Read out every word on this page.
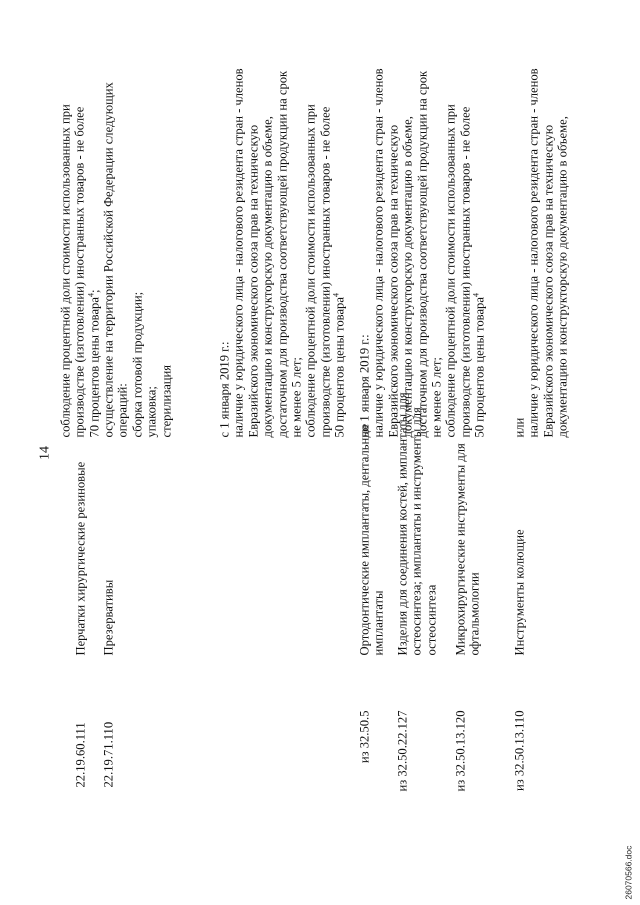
14
соблюдение процентной доли стоимости использованных при производстве (изготовлении) иностранных товаров - не более 70 процентов цены товара$^4$;
22.19.60.111
Перчатки хирургические резиновые
осуществление на территории Российской Федерации следующих операций: сборка готовой продукции; упаковка; стерилизация
22.19.71.110
Презервативы
с 1 января 2019 г.: наличие у юридического лица - налогового резидента стран - членов Евразийского экономического союза прав на техническую документацию и конструкторскую документацию в объеме, достаточном для производства соответствующей продукции на срок не менее 5 лет; соблюдение процентной доли стоимости использованных при производстве (изготовлении) иностранных товаров - не более 50 процентов цены товара$^4$
из 32.50.5
Ортодонтические имплантаты, дентальные имплантаты
до 1 января 2019 г.: наличие у юридического лица - налогового резидента стран - членов Евразийского экономического союза прав на техническую документацию и конструкторскую документацию в объеме, достаточном для производства соответствующей продукции на срок не менее 5 лет; соблюдение процентной доли стоимости использованных при производстве (изготовлении) иностранных товаров - не более 50 процентов цены товара$^4$
из 32.50.22.127
Изделия для соединения костей, имплантаты для остеосинтеза; имплантаты и инструменты для остеосинтеза
из 32.50.13.120
Микрохирургические инструменты для офтальмологии
из 32.50.13.110
Инструменты колющие
или наличие у юридического лица - налогового резидента стран - членов Евразийского экономического союза прав на техническую документацию и конструкторскую документацию в объеме,
26070566.doc
